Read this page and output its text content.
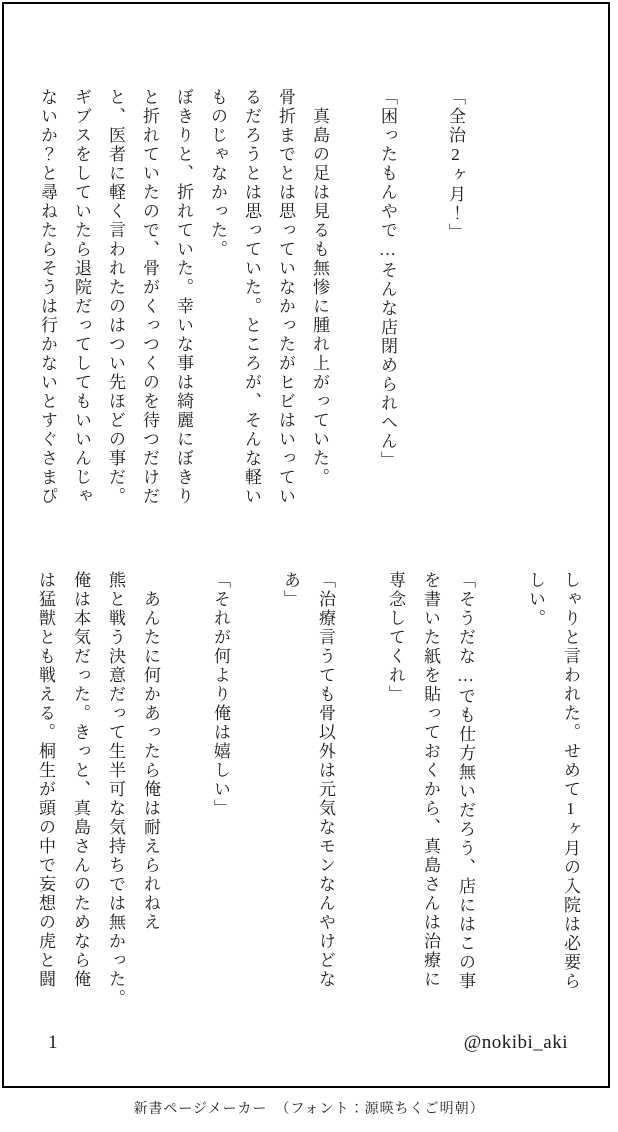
「全治2ヶ月！」
「困ったもんやで…そんな店閉められへん」
　真島の足は見るも無惨に腫れ上がっていた。
骨折までとは思っていなかったがヒビはいってい
るだろうとは思っていた。ところが、そんな軽い
ものじゃなかった。
ぼきりと、折れていた。幸いな事は綺麗にぼきり
と折れていたので、骨がくっつくのを待つだけだ
と、医者に軽く言われたのはつい先ほどの事だ。
ギブスをしていたら退院だってしてもいいんじゃ
ないか？と尋ねたらそうは行かないとすぐさまぴ
しゃりと言われた。せめて1ヶ月の入院は必要ら
しい。
「そうだな…でも仕方無いだろう、店にはこの事
を書いた紙を貼っておくから、真島さんは治療に
専念してくれ」
「治療言うても骨以外は元気なモンなんやけどな
あ」
「それが何より俺は嬉しい」
　あんたに何かあったら俺は耐えられねえ
熊と戦う決意だって生半可な気持ちでは無かった。
俺は本気だった。きっと、真島さんのためなら俺
は猛獣とも戦える。桐生が頭の中で妄想の虎と闘
1	@nokibi_aki
新書ページメーカー　（フォント：源暎ちくご明朝）
